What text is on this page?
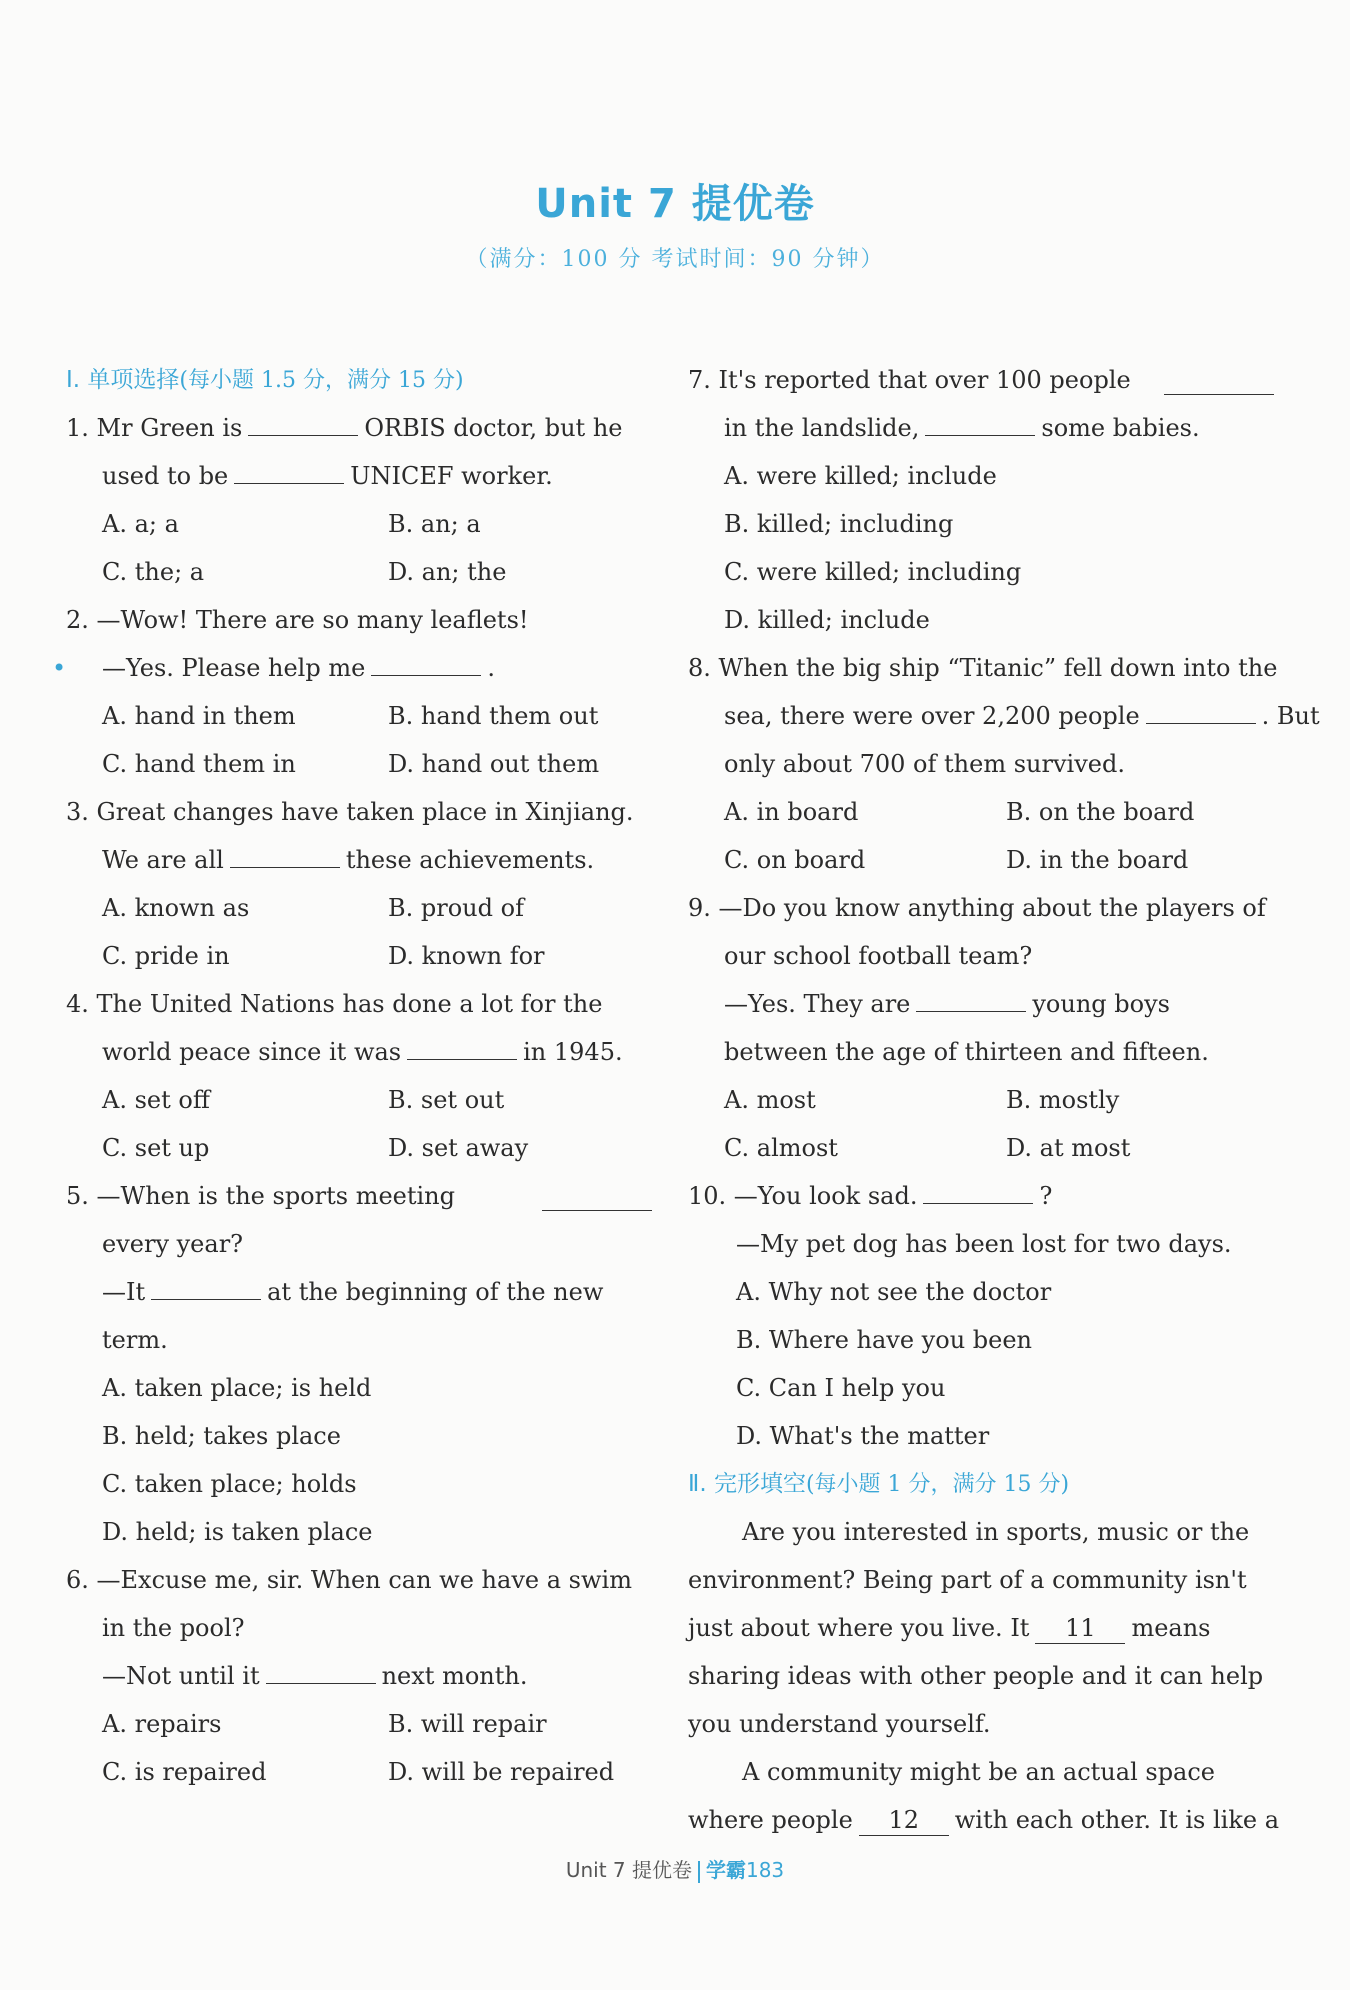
Unit 7 提优卷
（满分：100 分 考试时间：90 分钟）
Ⅰ. 单项选择(每小题 1.5 分，满分 15 分)
1. Mr Green is	ORBIS doctor, but he
used to be	UNICEF worker.
A. a; a	B. an; a
C. the; a	D. an; the
2. —Wow! There are so many leaflets!
• —Yes. Please help me	.
A. hand in them	B. hand them out
C. hand them in	D. hand out them
3. Great changes have taken place in Xinjiang.
We are all	these achievements.
A. known as	B. proud of
C. pride in	D. known for
4. The United Nations has done a lot for the
world peace since it was	in 1945.
A. set off	B. set out
C. set up	D. set away
5. —When is the sports meeting
every year?
—It	at the beginning of the new
term.
A. taken place; is held
B. held; takes place
C. taken place; holds
D. held; is taken place
6. —Excuse me, sir. When can we have a swim
in the pool?
—Not until it	next month.
A. repairs	B. will repair
C. is repaired	D. will be repaired
7. It's reported that over 100 people
in the landslide,	some babies.
A. were killed; include
B. killed; including
C. were killed; including
D. killed; include
8. When the big ship “Titanic” fell down into the
sea, there were over 2,200 people	. But
only about 700 of them survived.
A. in board	B. on the board
C. on board	D. in the board
9. —Do you know anything about the players of
our school football team?
—Yes. They are	young boys
between the age of thirteen and fifteen.
A. most	B. mostly
C. almost	D. at most
10. —You look sad.	?
—My pet dog has been lost for two days.
A. Why not see the doctor
B. Where have you been
C. Can I help you
D. What's the matter
Ⅱ. 完形填空(每小题 1 分，满分 15 分)
Are you interested in sports, music or the
environment? Being part of a community isn't
just about where you live. It 11 means
sharing ideas with other people and it can help
you understand yourself.
A community might be an actual space
where people 12 with each other. It is like a
Unit 7 提优卷 学霸183
